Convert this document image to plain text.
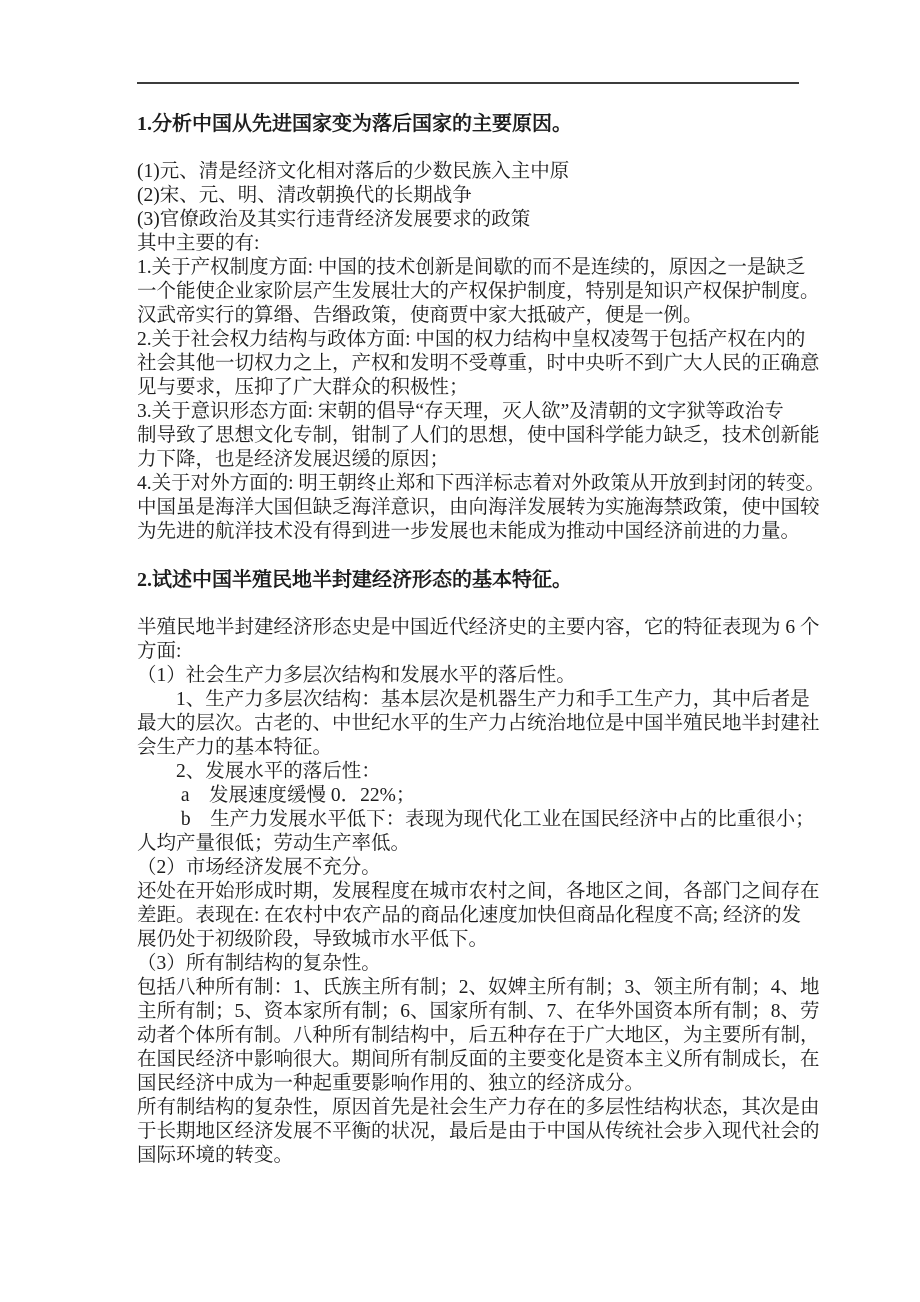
1.分析中国从先进国家变为落后国家的主要原因。
(1)元、清是经济文化相对落后的少数民族入主中原
(2)宋、元、明、清改朝换代的长期战争
(3)官僚政治及其实行违背经济发展要求的政策
其中主要的有:
1.关于产权制度方面: 中国的技术创新是间歇的而不是连续的，原因之一是缺乏
一个能使企业家阶层产生发展壮大的产权保护制度，特别是知识产权保护制度。
汉武帝实行的算缗、告缗政策，使商贾中家大抵破产，便是一例。
2.关于社会权力结构与政体方面: 中国的权力结构中皇权凌驾于包括产权在内的
社会其他一切权力之上，产权和发明不受尊重，时中央听不到广大人民的正确意
见与要求，压抑了广大群众的积极性；
3.关于意识形态方面: 宋朝的倡导“存天理，灭人欲”及清朝的文字狱等政治专
制导致了思想文化专制，钳制了人们的思想，使中国科学能力缺乏，技术创新能
力下降，也是经济发展迟缓的原因；
4.关于对外方面的: 明王朝终止郑和下西洋标志着对外政策从开放到封闭的转变。
中国虽是海洋大国但缺乏海洋意识，由向海洋发展转为实施海禁政策，使中国较
为先进的航洋技术没有得到进一步发展也未能成为推动中国经济前进的力量。
2.试述中国半殖民地半封建经济形态的基本特征。
半殖民地半封建经济形态史是中国近代经济史的主要内容，它的特征表现为 6 个
方面:
（1）社会生产力多层次结构和发展水平的落后性。
　　1、生产力多层次结构：基本层次是机器生产力和手工生产力，其中后者是
最大的层次。古老的、中世纪水平的生产力占统治地位是中国半殖民地半封建社
会生产力的基本特征。
　　2、发展水平的落后性：
　　 a　发展速度缓慢 0．22%；
　　 b　生产力发展水平低下：表现为现代化工业在国民经济中占的比重很小；
人均产量很低；劳动生产率低。
（2）市场经济发展不充分。
还处在开始形成时期，发展程度在城市农村之间，各地区之间，各部门之间存在
差距。表现在: 在农村中农产品的商品化速度加快但商品化程度不高; 经济的发
展仍处于初级阶段，导致城市水平低下。
（3）所有制结构的复杂性。
包括八种所有制：1、氏族主所有制；2、奴婢主所有制；3、领主所有制；4、地
主所有制；5、资本家所有制；6、国家所有制、7、在华外国资本所有制；8、劳
动者个体所有制。八种所有制结构中，后五种存在于广大地区，为主要所有制，
在国民经济中影响很大。期间所有制反面的主要变化是资本主义所有制成长，在
国民经济中成为一种起重要影响作用的、独立的经济成分。
所有制结构的复杂性，原因首先是社会生产力存在的多层性结构状态，其次是由
于长期地区经济发展不平衡的状况，最后是由于中国从传统社会步入现代社会的
国际环境的转变。
